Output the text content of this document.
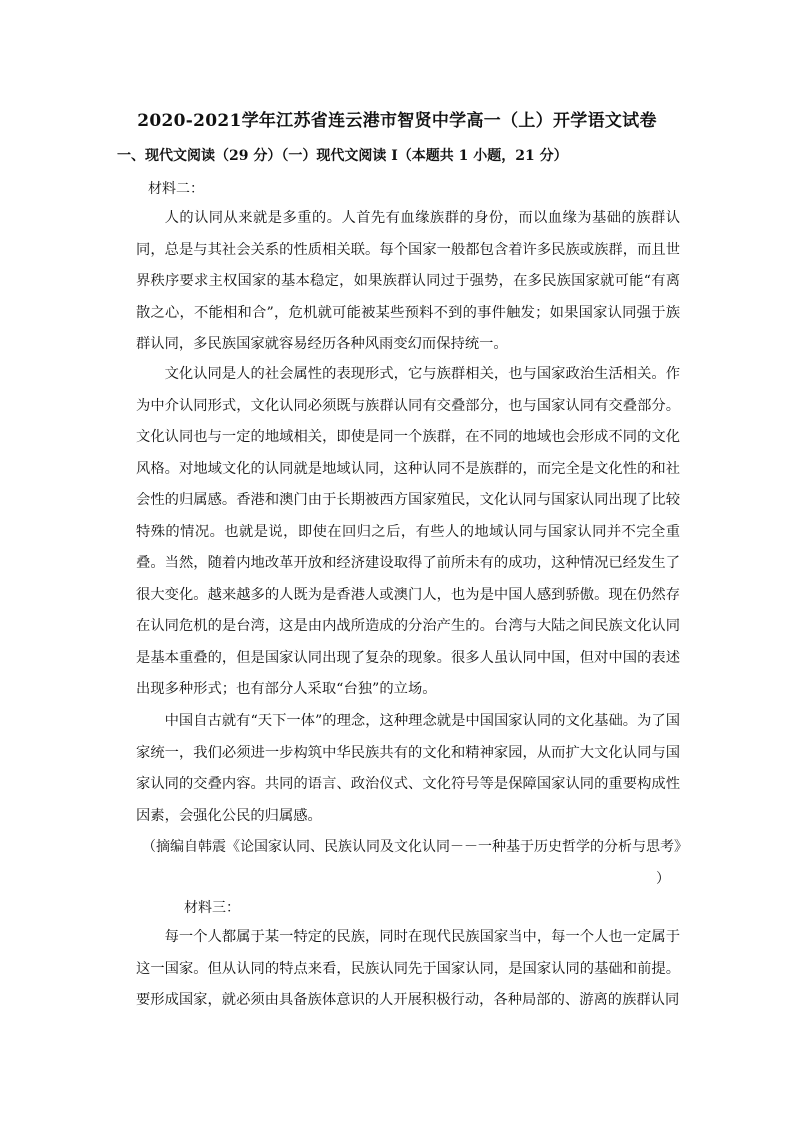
2020-2021学年江苏省连云港市智贤中学高一（上）开学语文试卷
一、现代文阅读（29 分）（一）现代文阅读 I（本题共 1 小题，21 分）
材料二：

人的认同从来就是多重的。人首先有血缘族群的身份，而以血缘为基础的族群认同，总是与其社会关系的性质相关联。每个国家一般都包含着许多民族或族群，而且世界秩序要求主权国家的基本稳定，如果族群认同过于强势，在多民族国家就可能“有离散之心，不能相和合”，危机就可能被某些预料不到的事件触发；如果国家认同强于族群认同，多民族国家就容易经历各种风雨变幻而保持统一。

文化认同是人的社会属性的表现形式，它与族群相关，也与国家政治生活相关。作为中介认同形式，文化认同必须既与族群认同有交叠部分，也与国家认同有交叠部分。文化认同也与一定的地域相关，即使是同一个族群，在不同的地域也会形成不同的文化风格。对地域文化的认同就是地域认同，这种认同不是族群的，而完全是文化性的和社会性的归属感。香港和澳门由于长期被西方国家殖民，文化认同与国家认同出现了比较特殊的情况。也就是说，即使在回归之后，有些人的地域认同与国家认同并不完全重叠。当然，随着内地改革开放和经济建设取得了前所未有的成功，这种情况已经发生了很大变化。越来越多的人既为是香港人或澳门人，也为是中国人感到骄傲。现在仍然存在认同危机的是台湾，这是由内战所造成的分治产生的。台湾与大陆之间民族文化认同是基本重叠的，但是国家认同出现了复杂的现象。很多人虽认同中国，但对中国的表述出现多种形式；也有部分人采取“台独”的立场。

中国自古就有“天下一体”的理念，这种理念就是中国国家认同的文化基础。为了国家统一，我们必须进一步构筑中华民族共有的文化和精神家园，从而扩大文化认同与国家认同的交叠内容。共同的语言、政治仪式、文化符号等是保障国家认同的重要构成性因素，会强化公民的归属感。

（摘编自韩震《论国家认同、民族认同及文化认同－－一种基于历史哲学的分析与思考》
）

材料三：

每一个人都属于某一特定的民族，同时在现代民族国家当中，每一个人也一定属于这一国家。但从认同的特点来看，民族认同先于国家认同，是国家认同的基础和前提。要形成国家，就必须由具备族体意识的人开展积极行动，各种局部的、游离的族群认同
